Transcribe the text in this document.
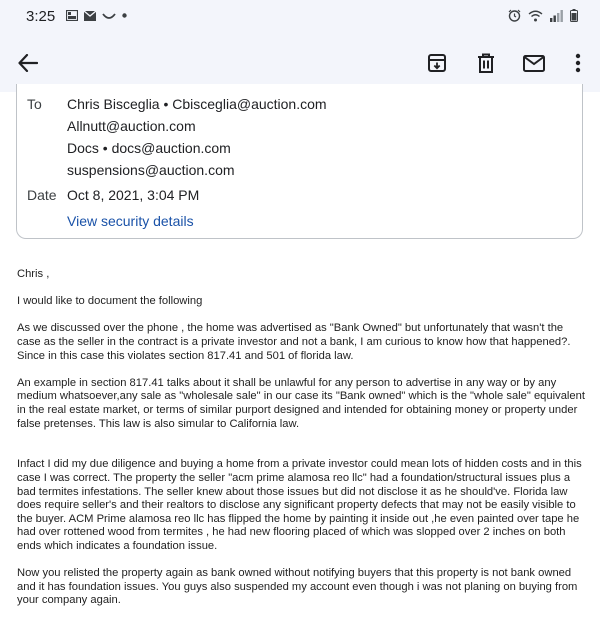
3:25
To Chris Bisceglia • Cbisceglia@auction.com
Allnutt@auction.com
Docs • docs@auction.com
suspensions@auction.com
Date Oct 8, 2021, 3:04 PM
View security details

Chris ,

I would like to document the following

As we discussed over the phone , the home was advertised as "Bank Owned" but unfortunately that wasn't the case as the seller in the contract is a private investor and not a bank, I am curious to know how that happened?. Since in this case this violates section 817.41 and 501 of florida law.

An example in section 817.41 talks about it shall be unlawful for any person to advertise in any way or by any medium whatsoever,any sale as "wholesale sale" in our case its "Bank owned" which is the "whole sale" equivalent in the real estate market, or terms of similar purport designed and intended for obtaining money or property under false pretenses. This law is also simular to California law.

Infact I did my due diligence and buying a home from a private investor could mean lots of hidden costs and in this case I was correct. The property the seller "acm prime alamosa reo llc" had a foundation/structural issues plus a bad termites infestations. The seller knew about those issues but did not disclose it as he should've. Florida law does require seller's and their realtors to disclose any significant property defects that may not be easily visible to the buyer. ACM Prime alamosa reo llc has flipped the home by painting it inside out ,he even painted over tape he had over rottened wood from termites , he had new flooring placed of which was slopped over 2 inches on both ends which indicates a foundation issue.

Now you relisted the property again as bank owned without notifying buyers that this property is not bank owned and it has foundation issues. You guys also suspended my account even though i was not planing on buying from your company again.
